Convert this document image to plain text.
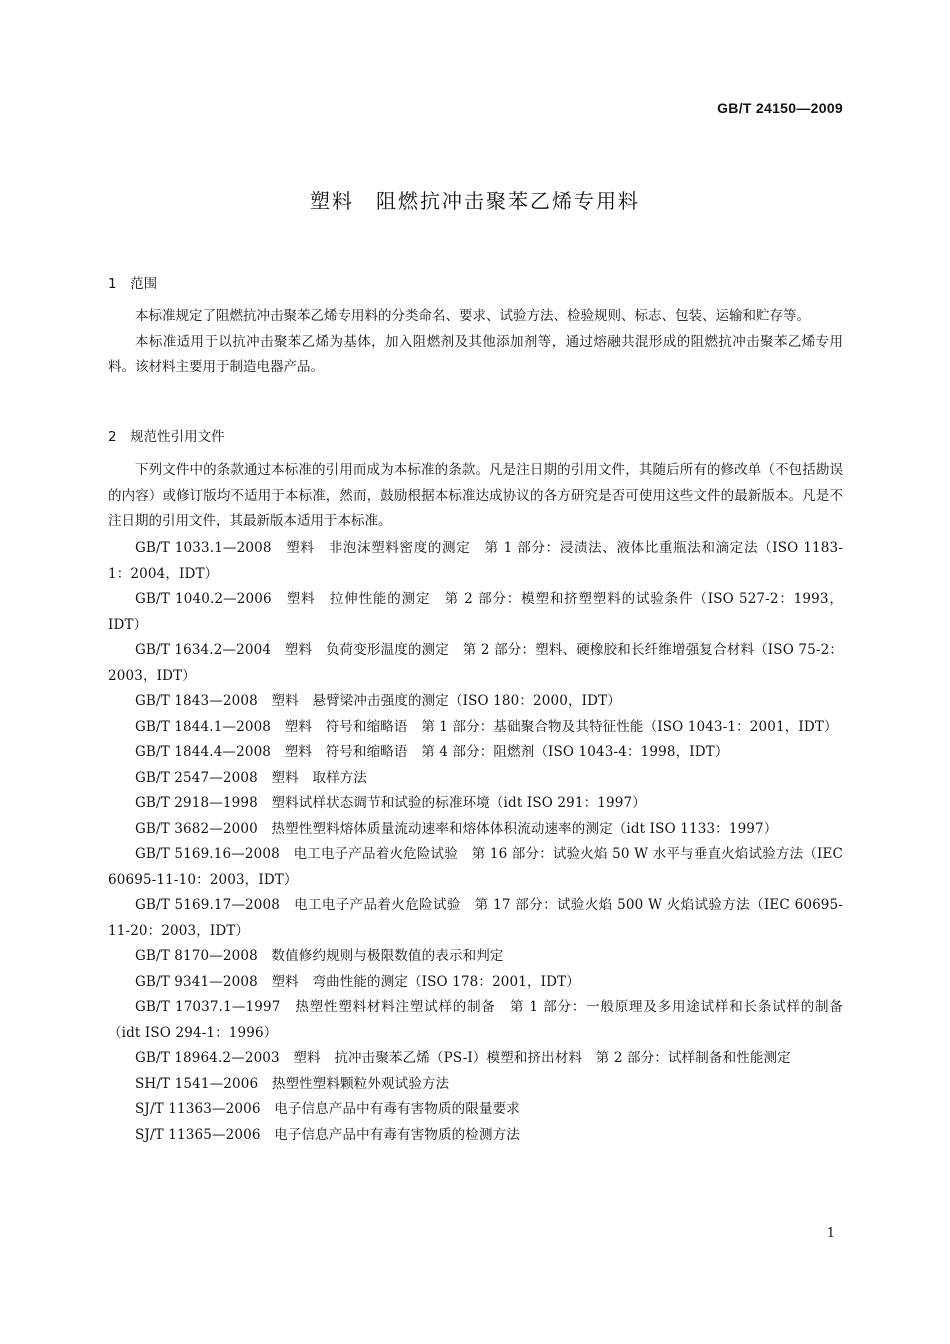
GB/T 24150—2009
塑料　阻燃抗冲击聚苯乙烯专用料
1　范围

本标准规定了阻燃抗冲击聚苯乙烯专用料的分类命名、要求、试验方法、检验规则、标志、包装、运输和贮存等。

本标准适用于以抗冲击聚苯乙烯为基体，加入阻燃剂及其他添加剂等，通过熔融共混形成的阻燃抗冲击聚苯乙烯专用料。该材料主要用于制造电器产品。

2　规范性引用文件

下列文件中的条款通过本标准的引用而成为本标准的条款。凡是注日期的引用文件，其随后所有的修改单（不包括勘误的内容）或修订版均不适用于本标准，然而，鼓励根据本标准达成协议的各方研究是否可使用这些文件的最新版本。凡是不注日期的引用文件，其最新版本适用于本标准。

GB/T 1033.1—2008　塑料　非泡沫塑料密度的测定　第 1 部分：浸渍法、液体比重瓶法和滴定法（ISO 1183-1：2004，IDT）

GB/T 1040.2—2006　塑料　拉伸性能的测定　第 2 部分：模塑和挤塑塑料的试验条件（ISO 527-2：1993，IDT）

GB/T 1634.2—2004　塑料　负荷变形温度的测定　第 2 部分：塑料、硬橡胶和长纤维增强复合材料（ISO 75-2：2003，IDT）

GB/T 1843—2008　塑料　悬臂梁冲击强度的测定（ISO 180：2000，IDT）

GB/T 1844.1—2008　塑料　符号和缩略语　第 1 部分：基础聚合物及其特征性能（ISO 1043-1：2001，IDT）

GB/T 1844.4—2008　塑料　符号和缩略语　第 4 部分：阻燃剂（ISO 1043-4：1998，IDT）

GB/T 2547—2008　塑料　取样方法

GB/T 2918—1998　塑料试样状态调节和试验的标准环境（idt ISO 291：1997）

GB/T 3682—2000　热塑性塑料熔体质量流动速率和熔体体积流动速率的测定（idt ISO 1133：1997）

GB/T 5169.16—2008　电工电子产品着火危险试验　第 16 部分：试验火焰 50 W 水平与垂直火焰试验方法（IEC 60695-11-10：2003，IDT）

GB/T 5169.17—2008　电工电子产品着火危险试验　第 17 部分：试验火焰 500 W 火焰试验方法（IEC 60695-11-20：2003，IDT）

GB/T 8170—2008　数值修约规则与极限数值的表示和判定

GB/T 9341—2008　塑料　弯曲性能的测定（ISO 178：2001，IDT）

GB/T 17037.1—1997　热塑性塑料材料注塑试样的制备　第 1 部分：一般原理及多用途试样和长条试样的制备（idt ISO 294-1：1996）

GB/T 18964.2—2003　塑料　抗冲击聚苯乙烯（PS-I）模塑和挤出材料　第 2 部分：试样制备和性能测定

SH/T 1541—2006　热塑性塑料颗粒外观试验方法

SJ/T 11363—2006　电子信息产品中有毒有害物质的限量要求

SJ/T 11365—2006　电子信息产品中有毒有害物质的检测方法

1
